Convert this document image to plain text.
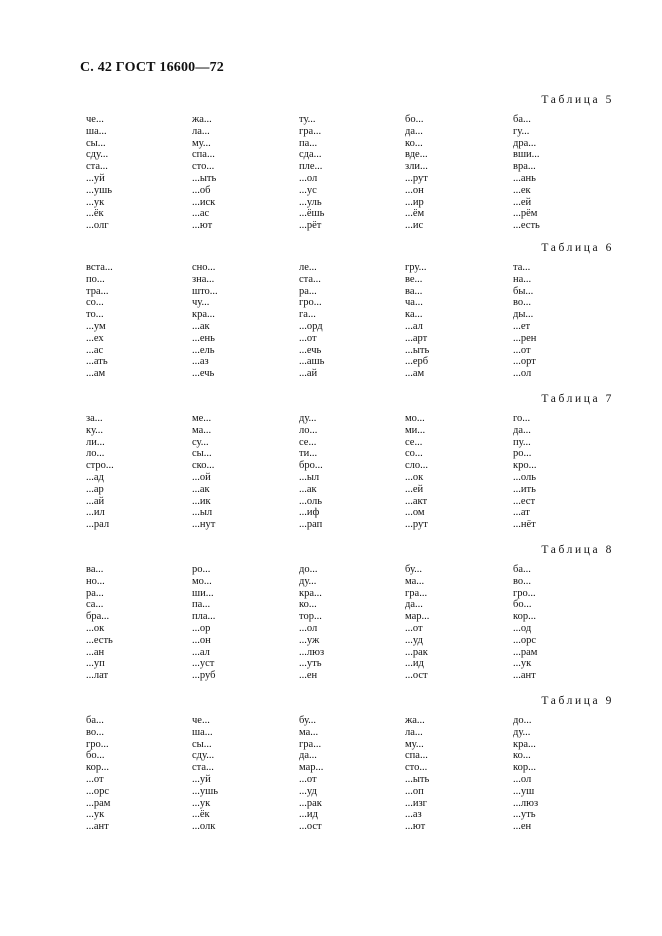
С. 42 ГОСТ 16600—72
Таблица 5
че...
ша...
сы...
сду...
ста...
...уй
...ушь
...ук
...ёк
...олг
жа...
ла...
му...
спа...
сто...
...ыть
...об
...иск
...ас
...ют
ту...
гра...
па...
сда...
пле...
...ол
...ус
...уль
...ёшь
...рёт
бо...
да...
ко...
вде...
зли...
...рут
...он
...ир
...ём
...ис
ба...
гу...
дра...
вши...
вра...
...ань
...ек
...ей
...рём
...есть
Таблица 6
вста...
по...
тра...
со...
то...
...ум
...ех
...ас
...ать
...ам
сно...
зна...
што...
чу...
кра...
...ак
...ень
...ель
...аз
...ечь
ле...
ста...
ра...
гро...
га...
...орд
...от
...ечь
...ашь
...ай
гру...
ве...
ва...
ча...
ка...
...ал
...арт
...ыть
...ерб
...ам
та...
на...
бы...
во...
ды...
...ет
...рен
...от
...орт
...ол
Таблица 7
за...
ку...
ли...
ло...
стро...
...ад
...ар
...ай
...ил
...рал
ме...
ма...
су...
сы...
ско...
...ой
...ак
...ик
...ыл
...нут
ду...
ло...
се...
ти...
бро...
...ыл
...ак
...оль
...иф
...рап
мо...
ми...
се...
со...
сло...
...ок
...ей
...акт
...ом
...рут
го...
да...
пу...
ро...
кро...
...оль
...ить
...ест
...ат
...нёт
Таблица 8
ва...
но...
ра...
са...
бра...
...ок
...есть
...ан
...уп
...лат
ро...
мо...
ши...
па...
пла...
...ор
...он
...ал
...уст
...руб
до...
ду...
кра...
ко...
тор...
...ол
...уж
...люз
...уть
...ен
бу...
ма...
гра...
да...
мар...
...от
...уд
...рак
...ид
...ост
ба...
во...
гро...
бо...
кор...
...од
...орс
...рам
...ук
...ант
Таблица 9
ба...
во...
гро...
бо...
кор...
...от
...орс
...рам
...ук
...ант
че...
ша...
сы...
сду...
ста...
...уй
...ушь
...ук
...ёк
...олк
бу...
ма...
гра...
да...
мар...
...от
...уд
...рак
...ид
...ост
жа...
ла...
му...
спа...
сто...
...ыть
...оп
...изг
...аз
...ют
до...
ду...
кра...
ко...
кор...
...ол
...уш
...люз
...уть
...ен
